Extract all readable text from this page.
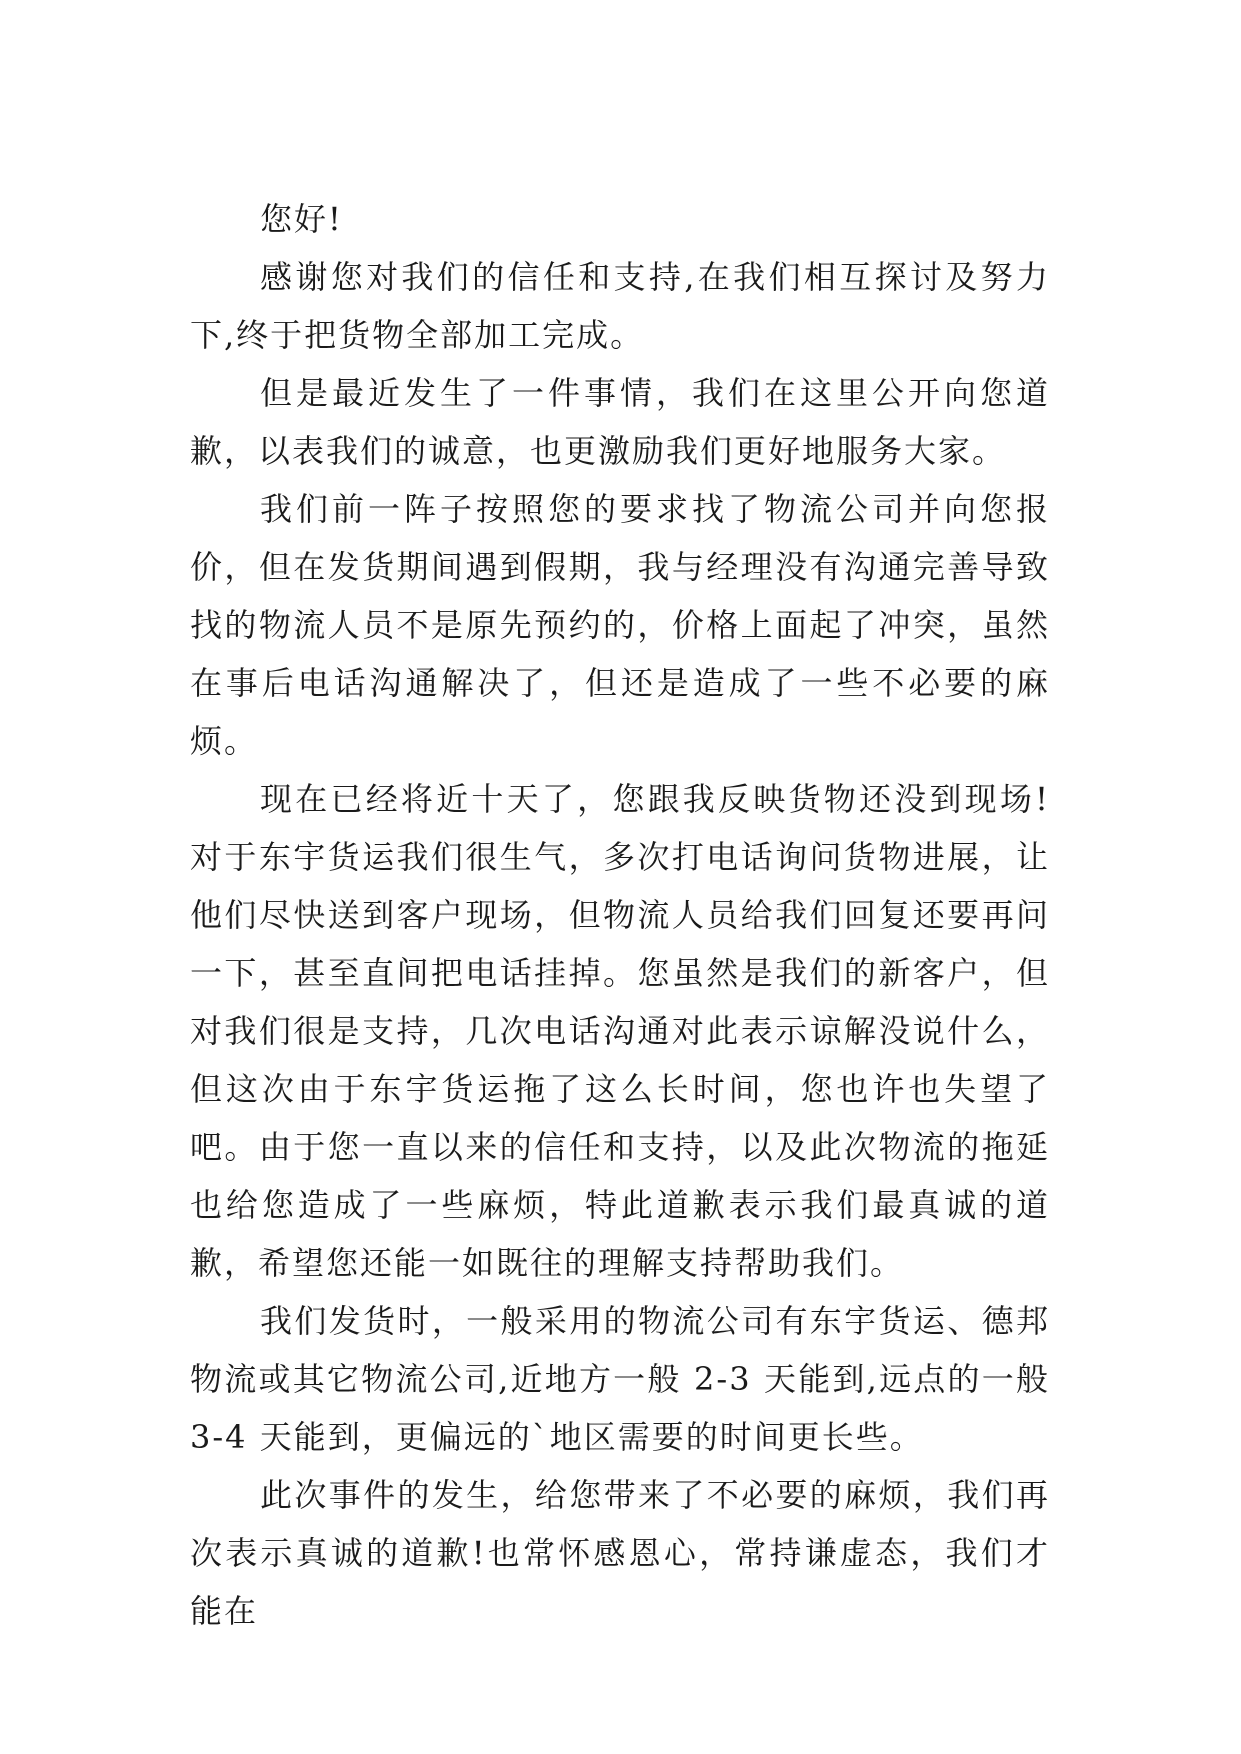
您好!

感谢您对我们的信任和支持,在我们相互探讨及努力下,终于把货物全部加工完成。

但是最近发生了一件事情，我们在这里公开向您道歉，以表我们的诚意，也更激励我们更好地服务大家。

我们前一阵子按照您的要求找了物流公司并向您报价，但在发货期间遇到假期，我与经理没有沟通完善导致找的物流人员不是原先预约的，价格上面起了冲突，虽然在事后电话沟通解决了，但还是造成了一些不必要的麻烦。

现在已经将近十天了，您跟我反映货物还没到现场!对于东宇货运我们很生气，多次打电话询问货物进展，让他们尽快送到客户现场，但物流人员给我们回复还要再问一下，甚至直间把电话挂掉。您虽然是我们的新客户，但对我们很是支持，几次电话沟通对此表示谅解没说什么，但这次由于东宇货运拖了这么长时间，您也许也失望了吧。由于您一直以来的信任和支持，以及此次物流的拖延也给您造成了一些麻烦，特此道歉表示我们最真诚的道歉，希望您还能一如既往的理解支持帮助我们。

我们发货时，一般采用的物流公司有东宇货运、德邦物流或其它物流公司,近地方一般 2-3 天能到,远点的一般 3-4 天能到，更偏远的`地区需要的时间更长些。

此次事件的发生，给您带来了不必要的麻烦，我们再次表示真诚的道歉!也常怀感恩心，常持谦虚态，我们才能在
